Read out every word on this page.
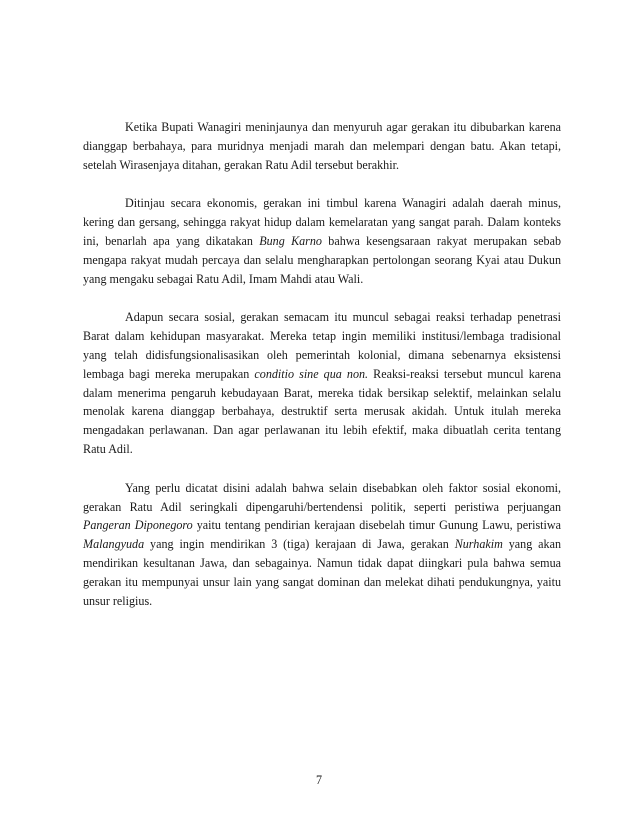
Ketika Bupati Wanagiri meninjaunya dan menyuruh agar gerakan itu dibubarkan karena dianggap berbahaya, para muridnya menjadi marah dan melempari dengan batu. Akan tetapi, setelah Wirasenjaya ditahan, gerakan Ratu Adil tersebut berakhir.

Ditinjau secara ekonomis, gerakan ini timbul karena Wanagiri adalah daerah minus, kering dan gersang, sehingga rakyat hidup dalam kemelaratan yang sangat parah. Dalam konteks ini, benarlah apa yang dikatakan Bung Karno bahwa kesengsaraan rakyat merupakan sebab mengapa rakyat mudah percaya dan selalu mengharapkan pertolongan seorang Kyai atau Dukun yang mengaku sebagai Ratu Adil, Imam Mahdi atau Wali.

Adapun secara sosial, gerakan semacam itu muncul sebagai reaksi terhadap penetrasi Barat dalam kehidupan masyarakat. Mereka tetap ingin memiliki institusi/lembaga tradisional yang telah didisfungsionalisasikan oleh pemerintah kolonial, dimana sebenarnya eksistensi lembaga bagi mereka merupakan conditio sine qua non. Reaksi-reaksi tersebut muncul karena dalam menerima pengaruh kebudayaan Barat, mereka tidak bersikap selektif, melainkan selalu menolak karena dianggap berbahaya, destruktif serta merusak akidah. Untuk itulah mereka mengadakan perlawanan. Dan agar perlawanan itu lebih efektif, maka dibuatlah cerita tentang Ratu Adil.

Yang perlu dicatat disini adalah bahwa selain disebabkan oleh faktor sosial ekonomi, gerakan Ratu Adil seringkali dipengaruhi/bertendensi politik, seperti peristiwa perjuangan Pangeran Diponegoro yaitu tentang pendirian kerajaan disebelah timur Gunung Lawu, peristiwa Malangyuda yang ingin mendirikan 3 (tiga) kerajaan di Jawa, gerakan Nurhakim yang akan mendirikan kesultanan Jawa, dan sebagainya. Namun tidak dapat diingkari pula bahwa semua gerakan itu mempunyai unsur lain yang sangat dominan dan melekat dihati pendukungnya, yaitu unsur religius.

7
